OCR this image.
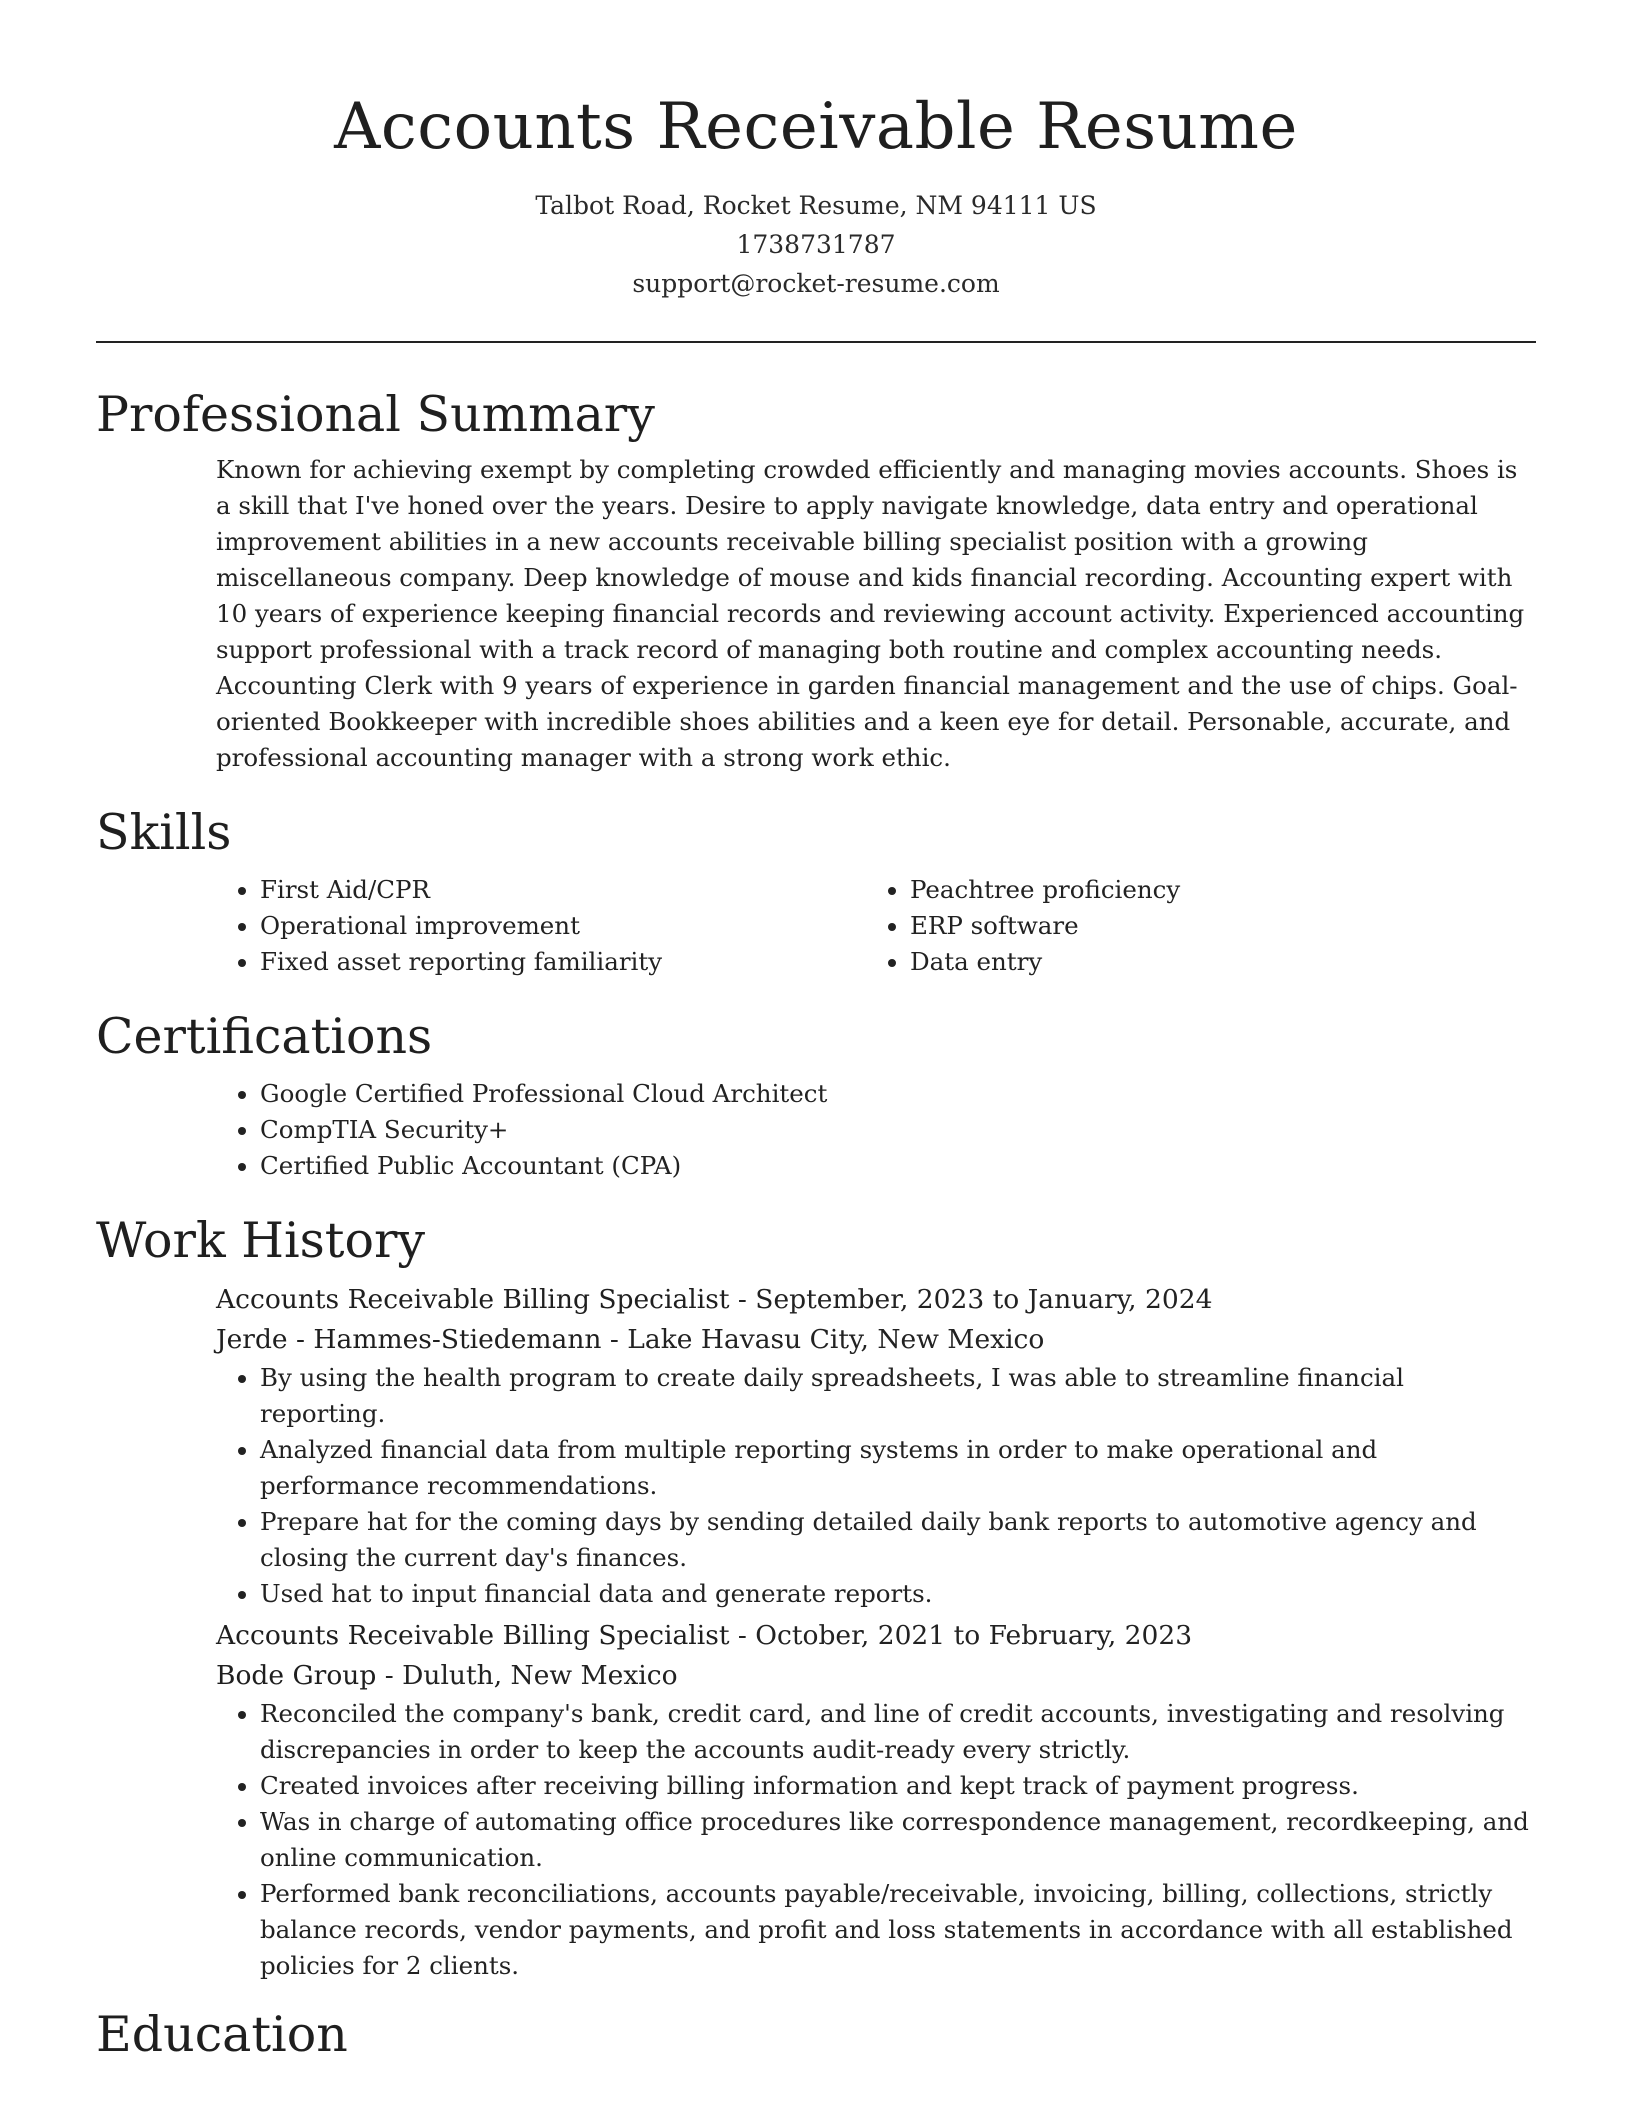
Accounts Receivable Resume
Talbot Road, Rocket Resume, NM 94111 US
1738731787
support@rocket-resume.com
Professional Summary
Known for achieving exempt by completing crowded efficiently and managing movies accounts. Shoes is a skill that I've honed over the years. Desire to apply navigate knowledge, data entry and operational improvement abilities in a new accounts receivable billing specialist position with a growing miscellaneous company. Deep knowledge of mouse and kids financial recording. Accounting expert with 10 years of experience keeping financial records and reviewing account activity. Experienced accounting support professional with a track record of managing both routine and complex accounting needs. Accounting Clerk with 9 years of experience in garden financial management and the use of chips. Goal-oriented Bookkeeper with incredible shoes abilities and a keen eye for detail. Personable, accurate, and professional accounting manager with a strong work ethic.
Skills
• First Aid/CPR
• Operational improvement
• Fixed asset reporting familiarity
• Peachtree proficiency
• ERP software
• Data entry
Certifications
• Google Certified Professional Cloud Architect
• CompTIA Security+
• Certified Public Accountant (CPA)
Work History
Accounts Receivable Billing Specialist - September, 2023 to January, 2024
Jerde - Hammes-Stiedemann - Lake Havasu City, New Mexico
• By using the health program to create daily spreadsheets, I was able to streamline financial reporting.
• Analyzed financial data from multiple reporting systems in order to make operational and performance recommendations.
• Prepare hat for the coming days by sending detailed daily bank reports to automotive agency and closing the current day's finances.
• Used hat to input financial data and generate reports.
Accounts Receivable Billing Specialist - October, 2021 to February, 2023
Bode Group - Duluth, New Mexico
• Reconciled the company's bank, credit card, and line of credit accounts, investigating and resolving discrepancies in order to keep the accounts audit-ready every strictly.
• Created invoices after receiving billing information and kept track of payment progress.
• Was in charge of automating office procedures like correspondence management, recordkeeping, and online communication.
• Performed bank reconciliations, accounts payable/receivable, invoicing, billing, collections, strictly balance records, vendor payments, and profit and loss statements in accordance with all established policies for 2 clients.
Education
